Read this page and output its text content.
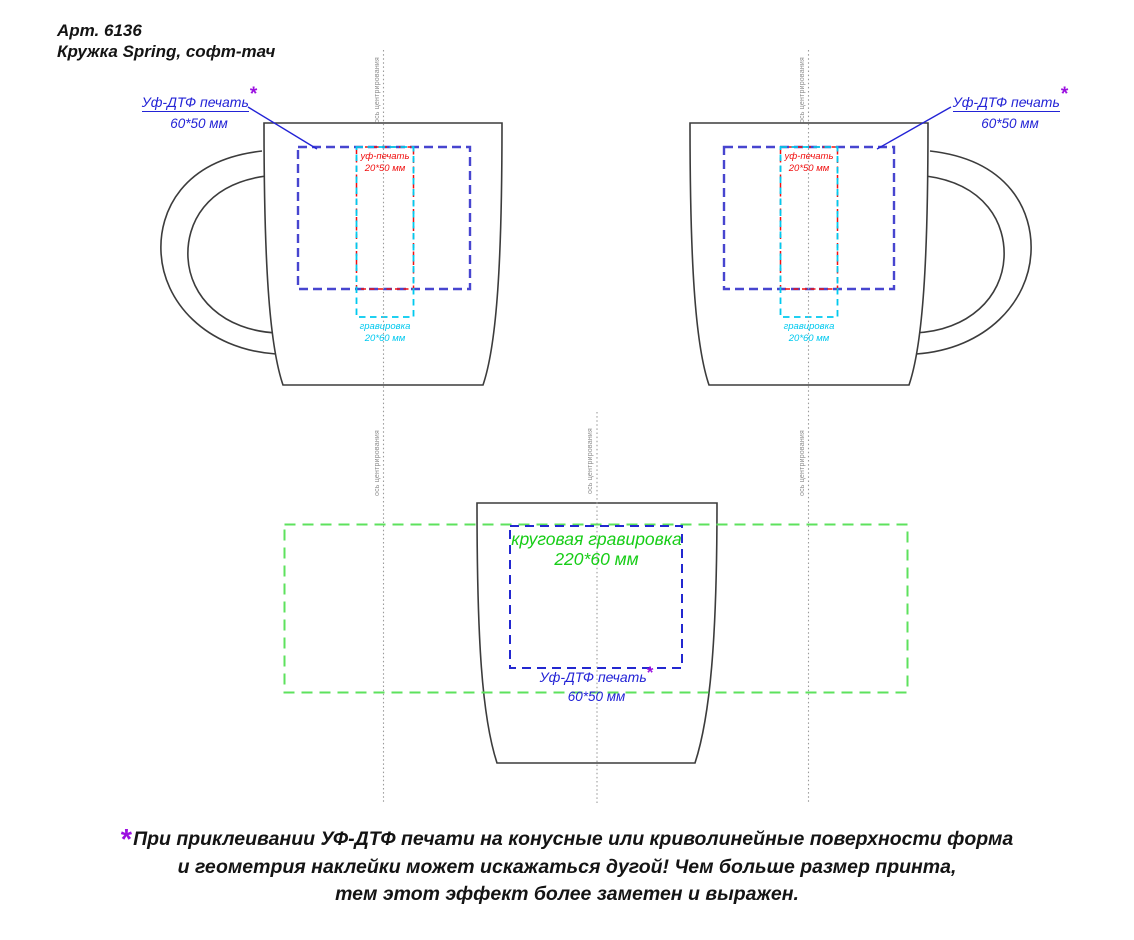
Арт. 6136
Кружка Spring, софт-тач
Уф-ДТФ печать*
60*50 мм
Уф-ДТФ печать*
60*50 мм
уф-печать
20*50 мм
уф-печать
20*50 мм
гравировка
20*60 мм
гравировка
20*60 мм
круговая гравировка
220*60 мм
Уф-ДТФ печать*
60*50 мм
ось центрирования	ось центрирования
ось центрирования	ось центрирования	ось центрирования
*При приклеивании УФ-ДТФ печати на конусные или криволинейные поверхности форма
и геометрия наклейки может искажаться дугой! Чем больше размер принта,
тем этот эффект более заметен и выражен.
